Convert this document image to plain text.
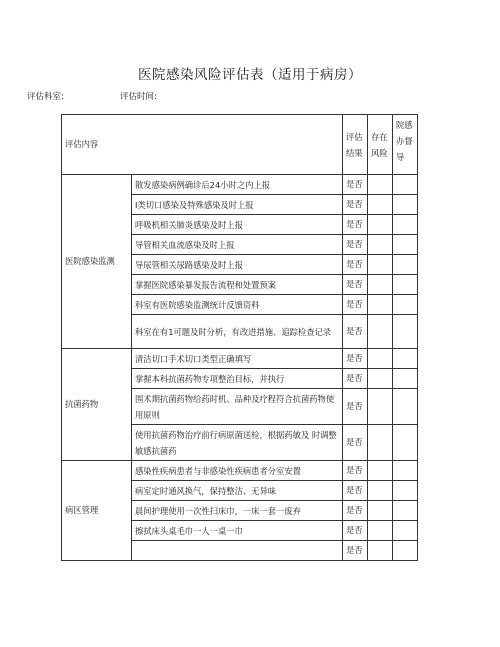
医院感染风险评估表（适用于病房）
评估科室:	评估时间:
评估内容		评估结果	存在风险	院感办督导
医院感染监测	散发感染病例确诊后24小时之内上报	是否		
	I类切口感染及特殊感染及时上报	是否		
	呼吸机相关肺炎感染及时上报	是否		
	导管相关血流感染及时上报	是否		
	导尿管相关尿路感染及时上报	是否		
	掌握医院感染暴发报告流程和处置预案	是否		
	科室有医院感染监测统计反馈资料	是否		
	科室在有1可题及时分析，有改进措施、追踪检查记录	是否		
抗菌药物	清洁切口手术切口类型正确填写	是否		
	掌握本科抗菌药物专项整治目标，并执行	是否		
	围术期抗菌药物给药时机、品种及疗程符合抗菌药物使用原则	是否		
	使用抗菌药物治疗前行病原菌送检，根据药敏及 时调整敏感抗菌药	是否		
病区管理	感染性疾病患者与非感染性疾病患者分室安置	是否		
	病室定时通风换气，保持整洁、无异味	是否		
	晨间护理使用一次性扫床巾，一床一套一废弃	是否		
	擦拭床头桌毛巾一人一桌一巾	是否		
		是否		
